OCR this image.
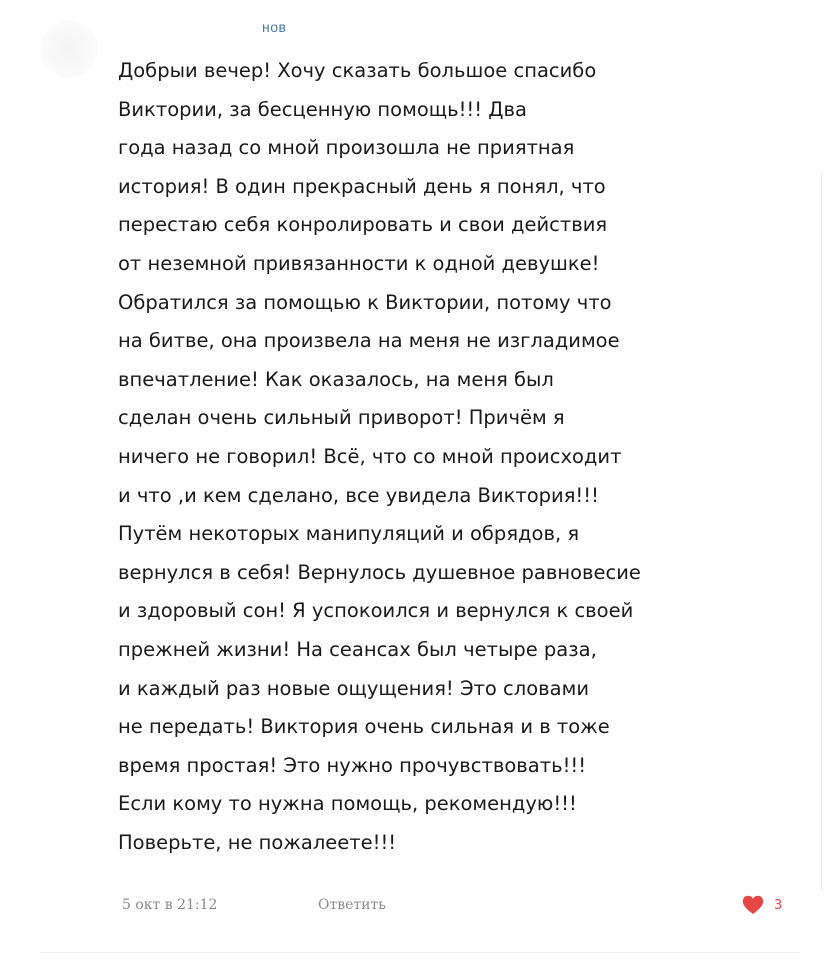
нов
Добрыи вечер! Хочу сказать большое спасибо
Виктории, за бесценную помощь!!! Два
года назад со мной произошла не приятная
история! В один прекрасный день я понял, что
перестаю себя конролировать и свои действия
от неземной привязанности к одной девушке!
Обратился за помощью к Виктории, потому что
на битве, она произвела на меня не изгладимое
впечатление! Как оказалось, на меня был
сделан очень сильный приворот! Причём я
ничего не говорил! Всё, что со мной происходит
и что ,и кем сделано, все увидела Виктория!!!
Путём некоторых манипуляций и обрядов, я
вернулся в себя! Вернулось душевное равновесие
и здоровый сон! Я успокоился и вернулся к своей
прежней жизни! На сеансах был четыре раза,
и каждый раз новые ощущения! Это словами
не передать! Виктория очень сильная и в тоже
время простая! Это нужно прочувствовать!!!
Если кому то нужна помощь, рекомендую!!!
Поверьте, не пожалеете!!!
5 окт в 21:12	Ответить	3
